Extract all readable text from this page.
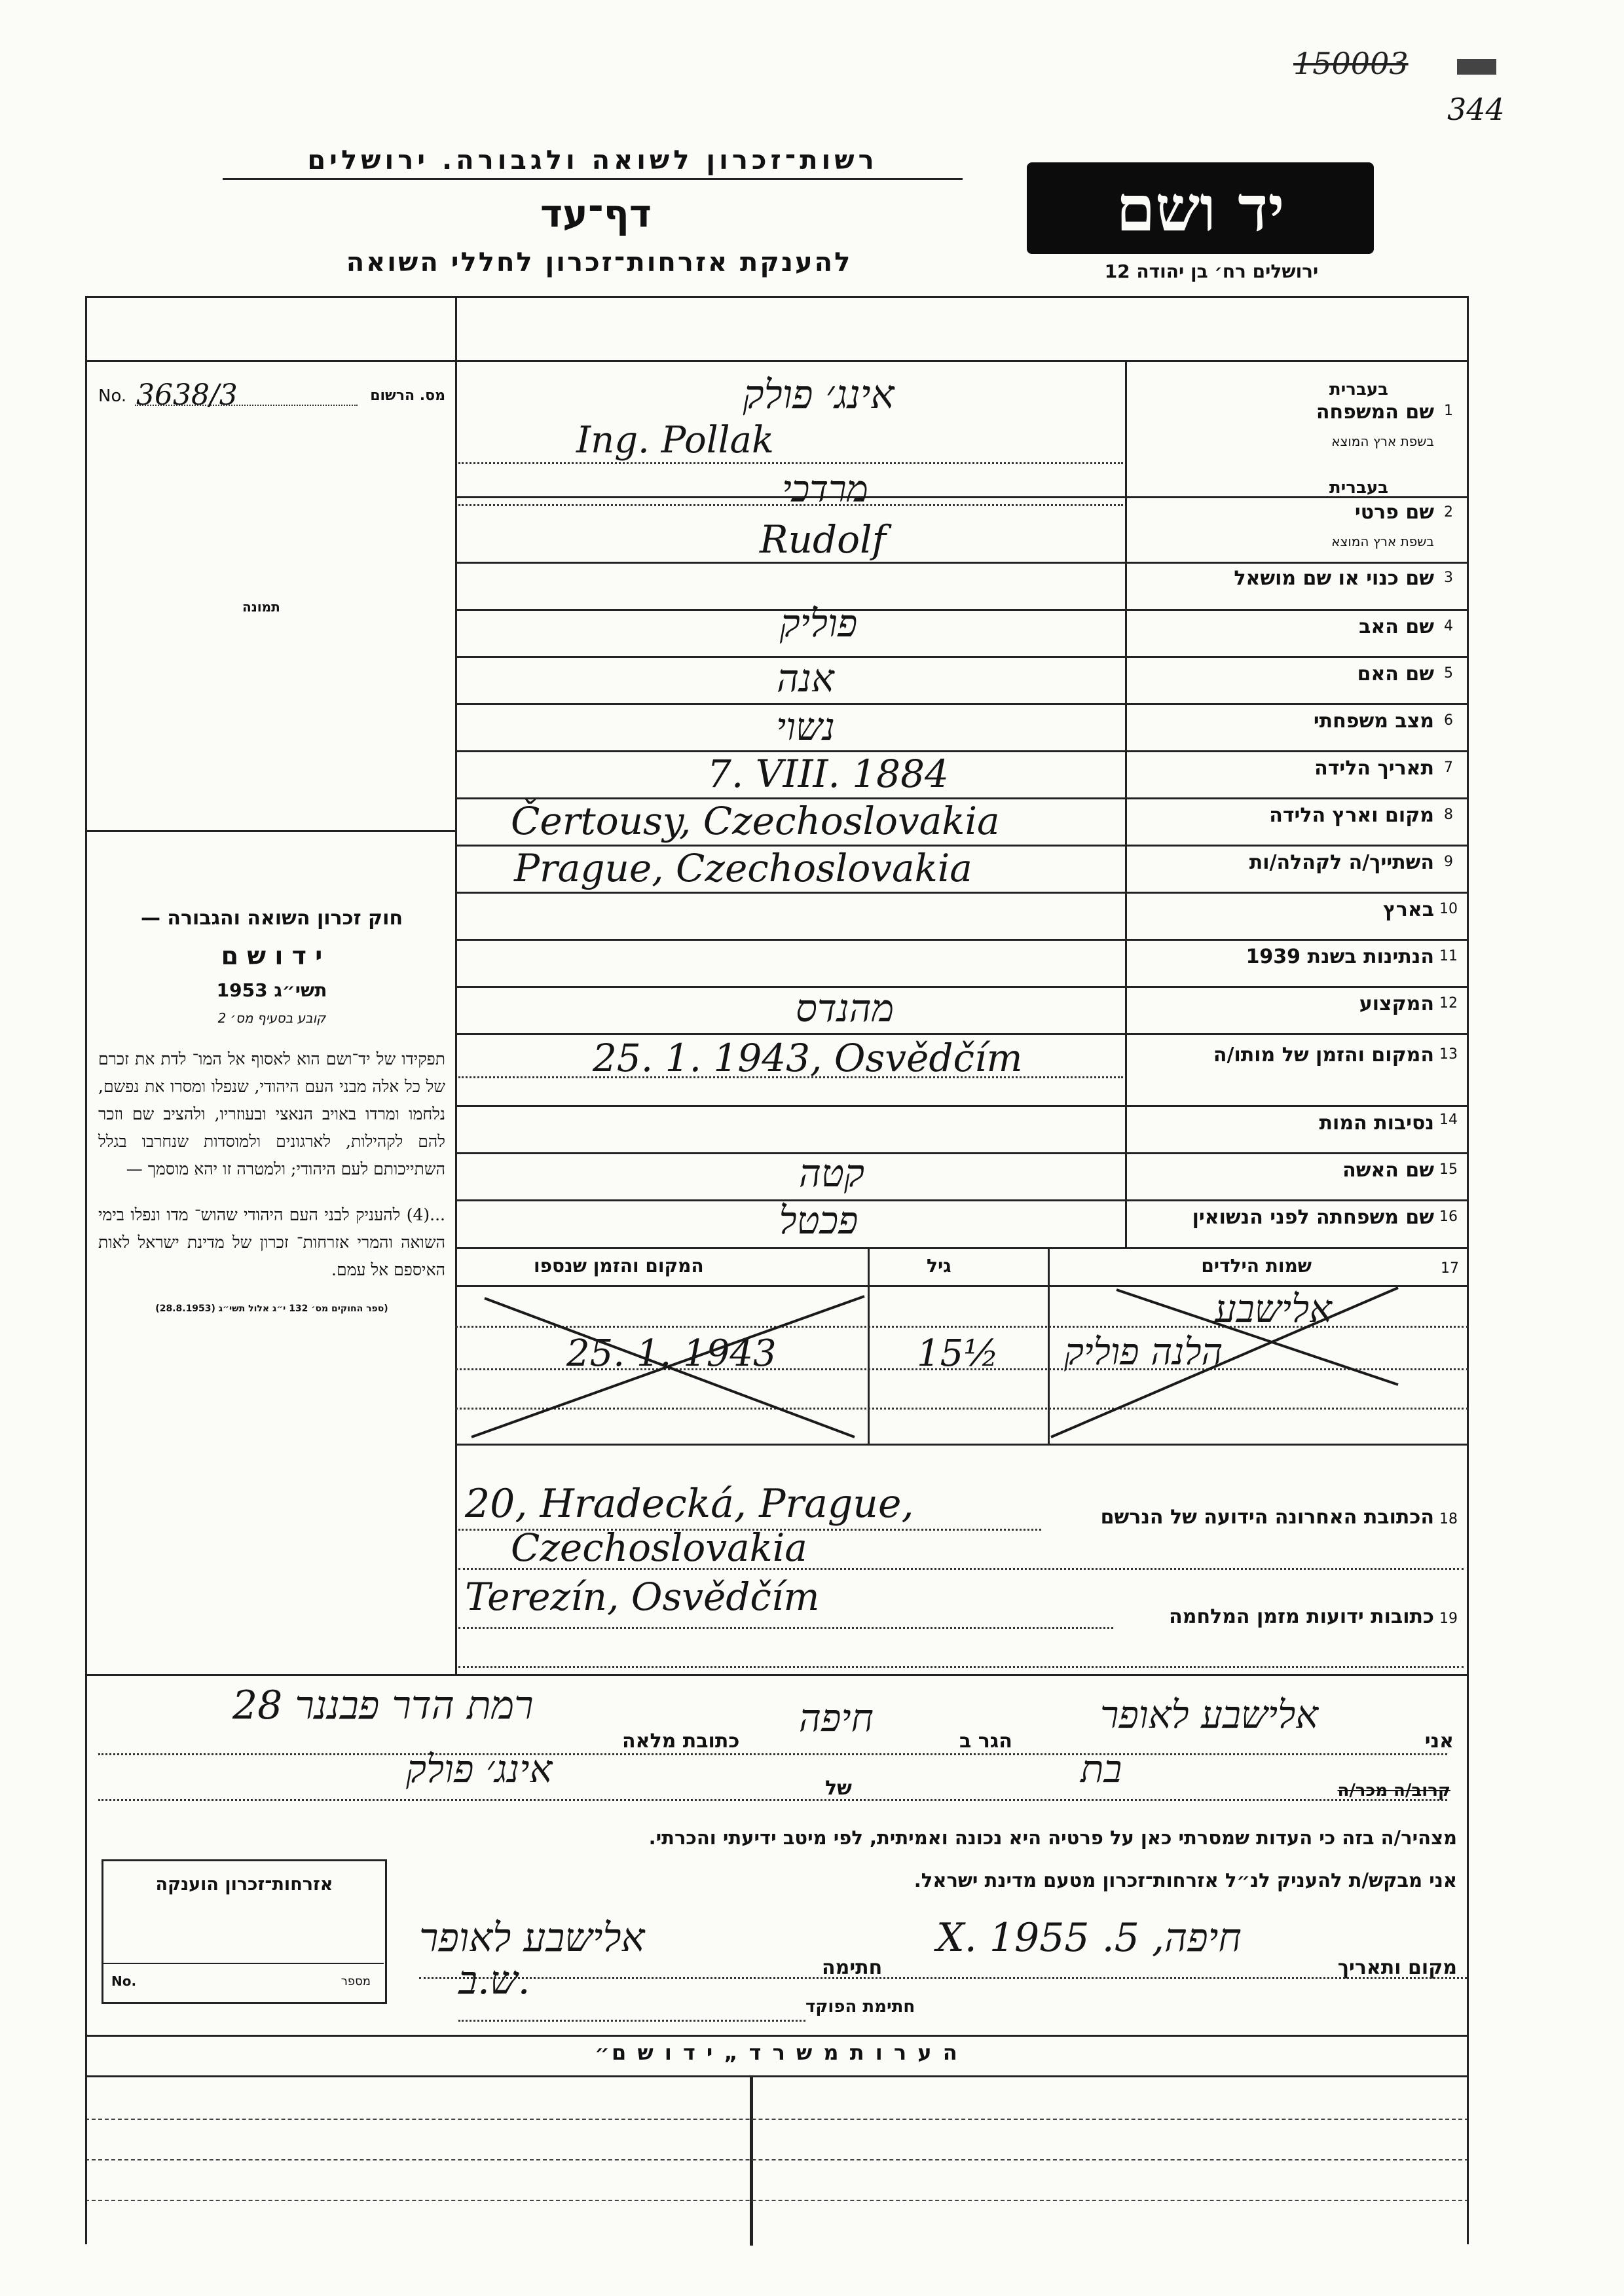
150003
344
רשות־זכרון לשואה ולגבורה. ירושלים
דף־עד
להענקת אזרחות־זכרון לחללי השואה
יד ושם
ירושלים רח׳ בן יהודה 12
No. 3638/3	מס. הרשום
תמונה
חוק זכרון השואה והגבורה —
י ד ו ש ם
תשי״ג 1953
קובע בסעיף מס׳ 2
תפקידו של יד־ושם הוא לאסוף אל המו־ לדת את זכרם של כל אלה מבני העם היהודי, שנפלו ומסרו את נפשם, נלחמו ומרדו באויב הנאצי ובעוזריו, ולהציב שם וזכר להם לקהילות, לארגונים ולמוסדות שנחרבו בגלל השתייכותם לעם היהודי; ולמטרה זו יהא מוסמך —
...(4) להעניק לבני העם היהודי שהוש־ מדו ונפלו בימי השואה והמרי אזרחות־ זכרון של מדינת ישראל לאות האיספם אל עמם.
(ספר החוקים מס׳ 132 י״ג אלול תשי״ג (28.8.1953)
1
שם המשפחה
בעברית
בשפת ארץ המוצא
אינג׳ פולק
Ing. Pollak
2
שם פרטי
בעברית
בשפת ארץ המוצא
מרדכי
Rudolf
3
שם כנוי או שם מושאל
4
שם האב
פוליק
5
שם האם
אנה
6
מצב משפחתי
נשוי
7
תאריך הלידה
7. VIII. 1884
8
מקום וארץ הלידה
Čertousy, Czechoslovakia
9
השתייך/ה לקהלה/ות
Prague, Czechoslovakia
10
בארץ
11
הנתינות בשנת 1939
12
המקצוע
מהנדס
13
המקום והזמן של מותו/ה
25. 1. 1943, Osvědčím
14
נסיבות המות
15
שם האשה
קטה
16
שם משפחתה לפני הנשואין
פכטל
17
שמות הילדים
גיל
המקום והזמן שנספו
אלישבע
הלנה פוליק
15½
25. 1. 1943
18
הכתובת האחרונה הידועה של הנרשם
20, Hradecká, Prague,
Czechoslovakia
19
כתובות ידועות מזמן המלחמה
Terezín, Osvědčím
אני
אלישבע לאופר
הגר ב
חיפה
כתובת מלאה
רמת הדר פבננר 28
קרוב/ה מכר/ה
בת
של
אינג׳ פולק
מצהיר/ה בזה כי העדות שמסרתי כאן על פרטיה היא נכונה ואמיתית, לפי מיטב ידיעתי והכרתי.
אני מבקש/ת להעניק לנ״ל אזרחות־זכרון מטעם מדינת ישראל.
מקום ותאריך
חיפה, 5. X. 1955
חתימה
אלישבע לאופר
חתימת הפוקד
ש.ב.
אזרחות־זכרון הוענקה
No.	מספר
ה ע ר ו ת מ ש ר ד „ י ד ו ש ם״
